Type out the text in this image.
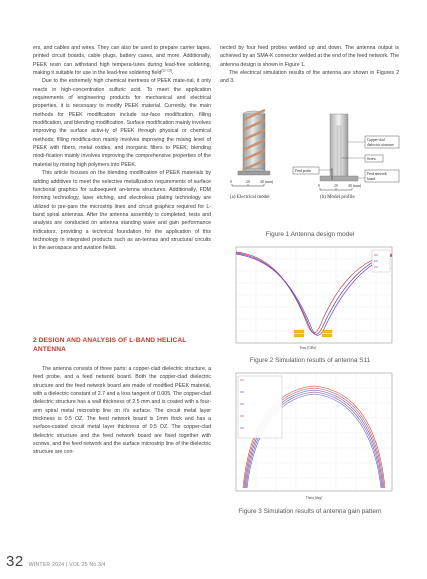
ers, and cables and wires. They can also be used to prepare carrier tapes, printed circuit boards, cable plugs, battery cases, and more. Additionally, PEEK resin can withstand high tempera-tures during lead-free soldering, making it suitable for use in the lead-free soldering field[11-13].

Due to the extremely high chemical inertness of PEEK mate-rial, it only reacts in high-concentration sulfuric acid. To meet the application requirements of engineering products for mechanical and electrical properties, it is necessary to modify PEEK material. Currently, the main methods for PEEK modification include sur-face modification, filling modification, and blending modification. Surface modification mainly involves improving the surface activi-ty of PEEK through physical or chemical methods; filling modifica-tion mainly involves improving the mixing level of PEEK with fibers, metal oxides, and inorganic fillers to PEEK; blending modi-fication mainly involves improving the comprehensive properties of the material by mixing high polymers into PEEK.

This article focuses on the blending modification of PEEK materials by adding additives to meet the selective metallization requirements of surface functional graphics for subsequent an-tenna structures. Additionally, FDM forming technology, laser etching, and electroless plating technology are utilized to pre-pare the microstrip lines and circuit graphics required for L-band spiral antennas. After the antenna assembly is completed, tests and analysis are conducted on antenna standing wave and gain performance indicators, providing a technical foundation for the application of this technology in integrated products such as an-tennas and structural circuits in the aerospace and aviation fields.

2 DESIGN AND ANALYSIS OF L-BAND HELICAL ANTENNA

The antenna consists of three parts: a copper-clad dielectric structure, a feed probe, and a feed network board. Both the copper-clad dielectric structure and the feed network board are made of modified PEEK material, with a dielectric constant of 2.7 and a loss tangent of 0.005. The copper-clad dielectric structure has a wall thickness of 2.5 mm and is coated with a four-arm spiral metal microstrip line on it's surface. The circuit metal layer thickness is 0.5 OZ. The feed network board is 1mm thick and has a surface-coated circuit metal layer thickness of 0.5 OZ. The copper-clad dielectric structure and the feed network board are fixed together with screws, and the feed network and the surface microstrip line of the dielectric structure are con-

nected by four feed probes welded up and down. The antenna output is achieved by an SMA-K connector welded at the end of the feed network. The antenna design is shown in Figure 1.

The electrical simulation results of the antenna are shown in Figures 2 and 3.

0	20	40 (mm)
(a) Electrical model
0	20	40 (mm)
(b) Model profile
Copper-clad
dielectric structure
Screw
Feed probe
Feed network
board
Figure 1 Antenna design model
Freq [GHz]
Figure 2 Simulation results of antenna S11
Theta [deg]
Figure 3 Simulation results of antenna gain pattern
32 WINTER 2024 | VOL 25 No.3/4
